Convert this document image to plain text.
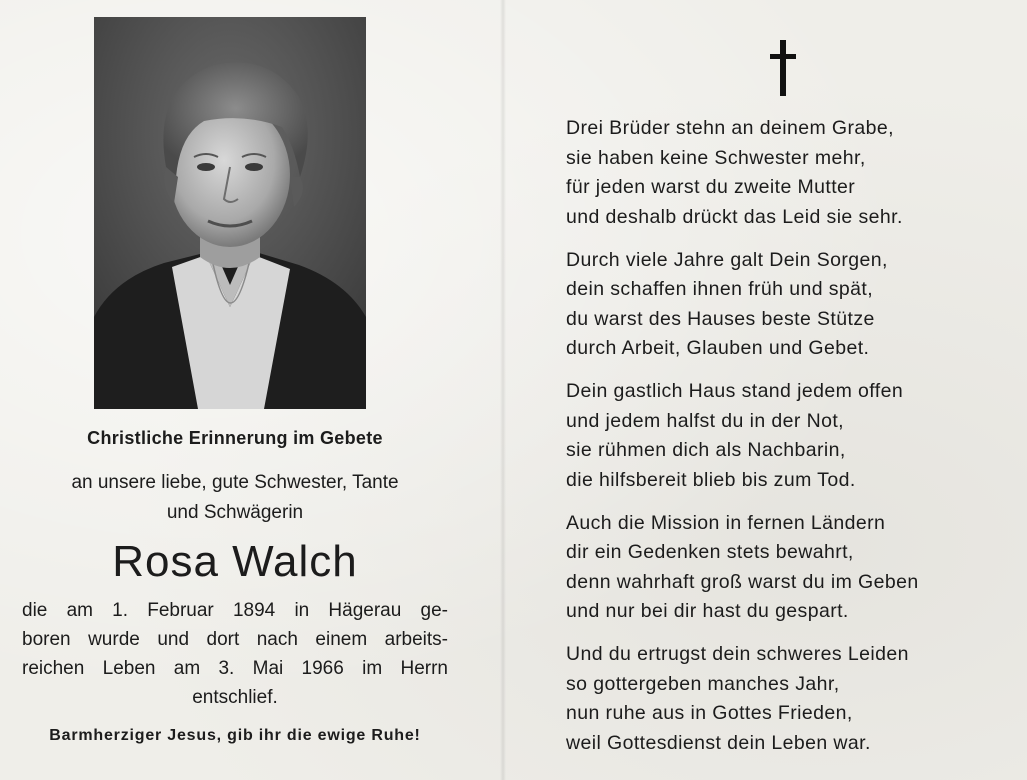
Christliche Erinnerung im Gebete
an unsere liebe, gute Schwester, Tante
und Schwägerin
Rosa Walch
die am 1. Februar 1894 in Hägerau ge-
boren wurde und dort nach einem arbeits-
reichen Leben am 3. Mai 1966 im Herrn
entschlief.
Barmherziger Jesus, gib ihr die ewige Ruhe!
Drei Brüder stehn an deinem Grabe,
sie haben keine Schwester mehr,
für jeden warst du zweite Mutter
und deshalb drückt das Leid sie sehr.
Durch viele Jahre galt Dein Sorgen,
dein schaffen ihnen früh und spät,
du warst des Hauses beste Stütze
durch Arbeit, Glauben und Gebet.
Dein gastlich Haus stand jedem offen
und jedem halfst du in der Not,
sie rühmen dich als Nachbarin,
die hilfsbereit blieb bis zum Tod.
Auch die Mission in fernen Ländern
dir ein Gedenken stets bewahrt,
denn wahrhaft groß warst du im Geben
und nur bei dir hast du gespart.
Und du ertrugst dein schweres Leiden
so gottergeben manches Jahr,
nun ruhe aus in Gottes Frieden,
weil Gottesdienst dein Leben war.
